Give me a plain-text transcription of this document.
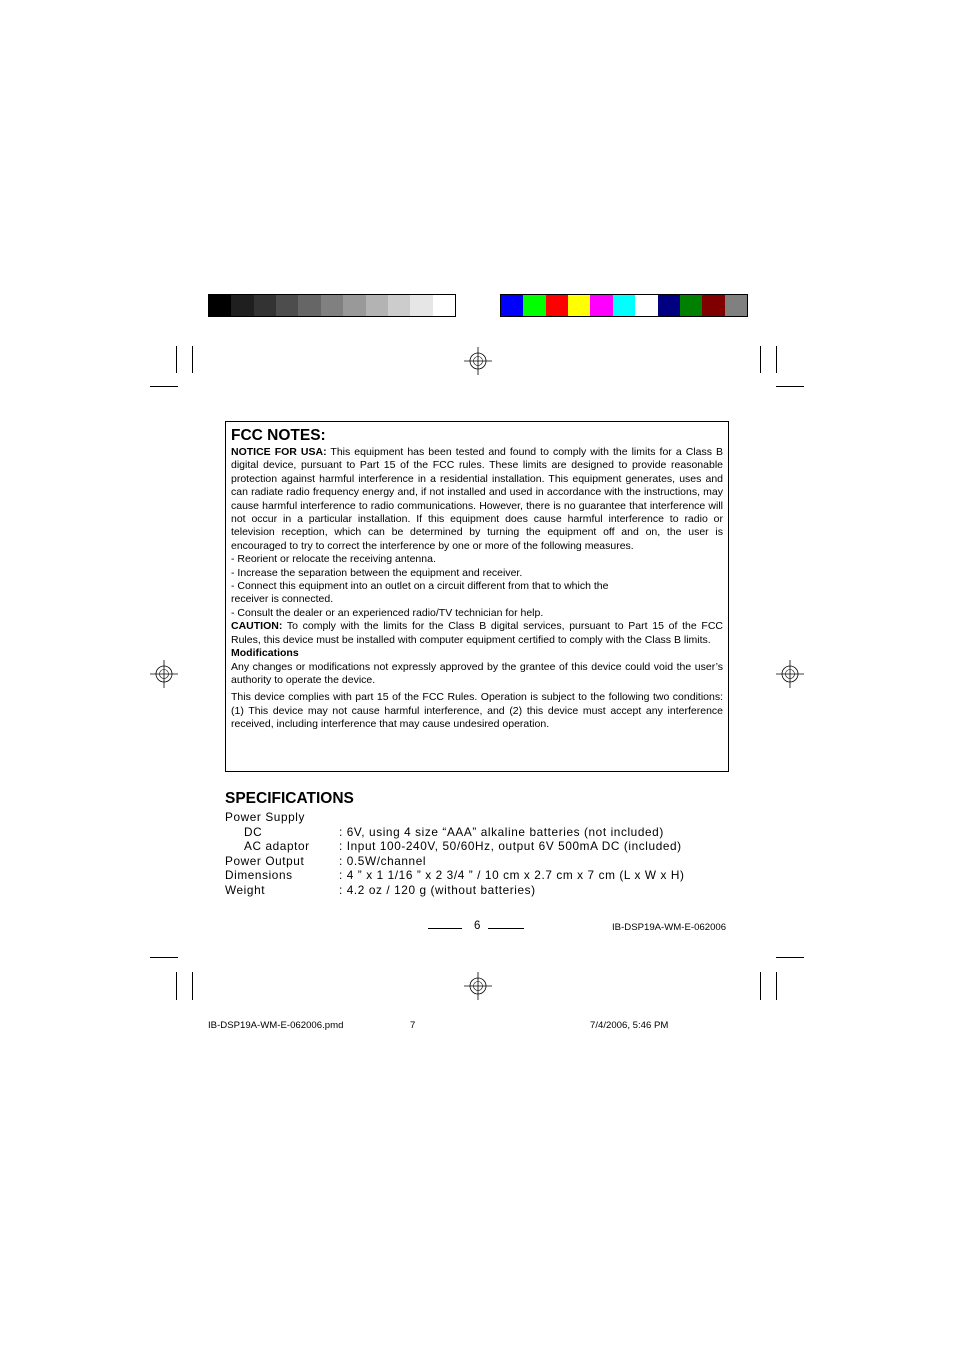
FCC NOTES:

NOTICE FOR USA: This equipment has been tested and found to comply with the limits for a Class B digital device, pursuant to Part 15 of the FCC rules. These limits are designed to provide reasonable protection against harmful interference in a residential installation. This equipment generates, uses and can radiate radio frequency energy and, if not installed and used in accordance with the instructions, may cause harmful interference to radio communications. However, there is no guarantee that interference will not occur in a particular installation. If this equipment does cause harmful interference to radio or television reception, which can be determined by turning the equipment off and on, the user is encouraged to try to correct the interference by one or more of the following measures.

- Reorient or relocate the receiving antenna.

- Increase the separation between the equipment and receiver.

- Connect this equipment into an outlet on a circuit different from that to which the

receiver is connected.

- Consult the dealer or an experienced radio/TV technician for help.

CAUTION: To comply with the limits for the Class B digital services, pursuant to Part 15 of the FCC Rules, this device must be installed with computer equipment certified to comply with the Class B limits.

Modifications

Any changes or modifications not expressly approved by the grantee of this device could void the user’s authority to operate the device.

This device complies with part 15 of the FCC Rules. Operation is subject to the following two conditions: (1) This device may not cause harmful interference, and (2) this device must accept any interference received, including interference that may cause undesired operation.

SPECIFICATIONS
Power Supply
DC	: 6V, using 4 size “AAA” alkaline batteries (not included)
AC adaptor : Input 100-240V, 50/60Hz, output 6V 500mA DC (included)
Power Output	: 0.5W/channel
Dimensions	: 4 ” x 1 1/16 ” x 2 3/4 ” / 10 cm x 2.7 cm x 7 cm (L x W x H)
Weight	: 4.2 oz / 120 g (without batteries)
6	IB-DSP19A-WM-E-062006
IB-DSP19A-WM-E-062006.pmd	7	7/4/2006, 5:46 PM
